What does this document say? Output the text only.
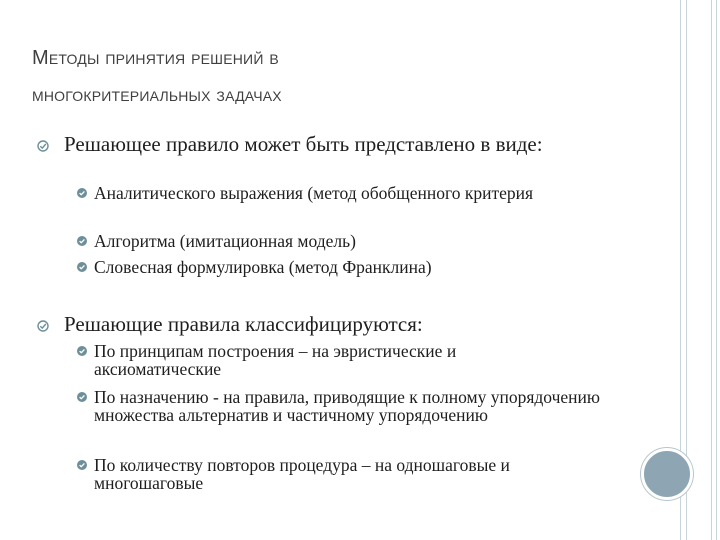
Методы принятия решений в
многокритериальных задачах
Решающее правило может быть представлено в виде:
Аналитического выражения (метод обобщенного критерия
Алгоритма (имитационная модель)
Словесная формулировка (метод Франклина)
Решающие правила классифицируются:
По принципам построения – на эвристические и аксиоматические
По назначению - на правила, приводящие к полному упорядочению множества альтернатив и частичному упорядочению
По количеству повторов процедура – на одношаговые и многошаговые
